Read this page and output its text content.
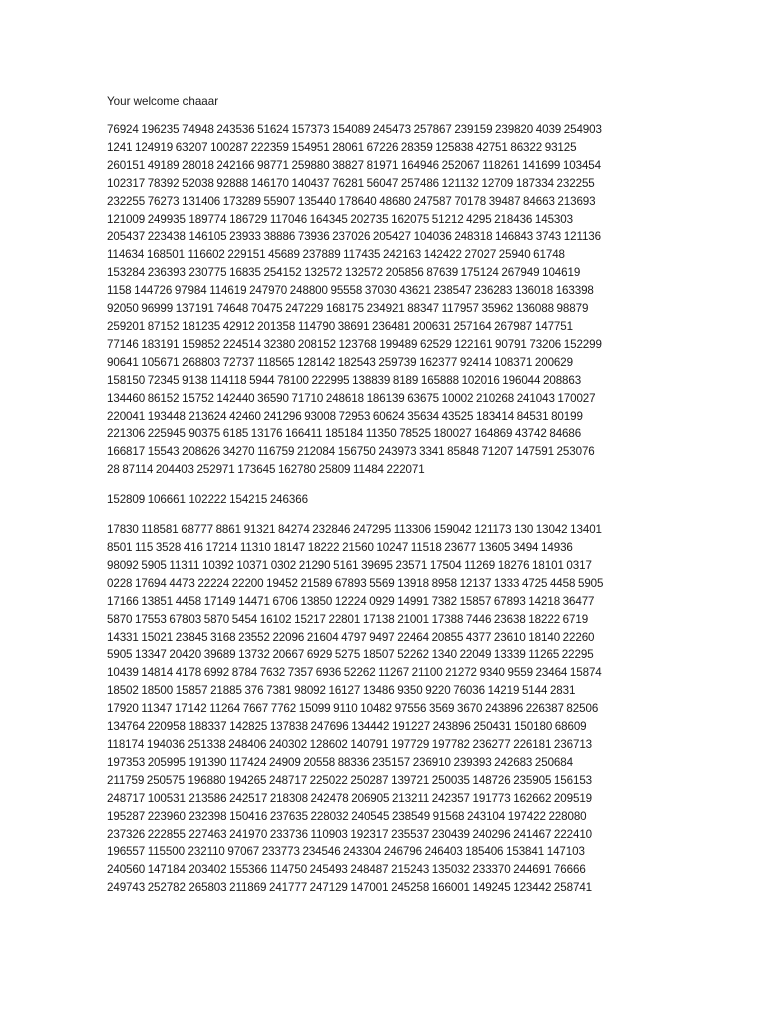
Your welcome chaaar
76924 196235 74948 243536 51624 157373 154089 245473 257867 239159 239820 4039 254903
1241 124919 63207 100287 222359 154951 28061 67226 28359 125838 42751 86322 93125
260151 49189 28018 242166 98771 259880 38827 81971 164946 252067 118261 141699 103454
102317 78392 52038 92888 146170 140437 76281 56047 257486 121132 12709 187334 232255
232255 76273 131406 173289 55907 135440 178640 48680 247587 70178 39487 84663 213693
121009 249935 189774 186729 117046 164345 202735 162075 51212 4295 218436 145303
205437 223438 146105 23933 38886 73936 237026 205427 104036 248318 146843 3743 121136
114634 168501 116602 229151 45689 237889 117435 242163 142422 27027 25940 61748
153284 236393 230775 16835 254152 132572 132572 205856 87639 175124 267949 104619
1158 144726 97984 114619 247970 248800 95558 37030 43621 238547 236283 136018 163398
92050 96999 137191 74648 70475 247229 168175 234921 88347 117957 35962 136088 98879
259201 87152 181235 42912 201358 114790 38691 236481 200631 257164 267987 147751
77146 183191 159852 224514 32380 208152 123768 199489 62529 122161 90791 73206 152299
90641 105671 268803 72737 118565 128142 182543 259739 162377 92414 108371 200629
158150 72345 9138 114118 5944 78100 222995 138839 8189 165888 102016 196044 208863
134460 86152 15752 142440 36590 71710 248618 186139 63675 10002 210268 241043 170027
220041 193448 213624 42460 241296 93008 72953 60624 35634 43525 183414 84531 80199
221306 225945 90375 6185 13176 166411 185184 11350 78525 180027 164869 43742 84686
166817 15543 208626 34270 116759 212084 156750 243973 3341 85848 71207 147591 253076
28 87114 204403 252971 173645 162780 25809 11484 222071
152809 106661 102222 154215 246366
17830 118581 68777 8861 91321 84274 232846 247295 113306 159042 121173 130 13042 13401
8501 115 3528 416 17214 11310 18147 18222 21560 10247 11518 23677 13605 3494 14936
98092 5905 11311 10392 10371 0302 21290 5161 39695 23571 17504 11269 18276 18101 0317
0228 17694 4473 22224 22200 19452 21589 67893 5569 13918 8958 12137 1333 4725 4458 5905
17166 13851 4458 17149 14471 6706 13850 12224 0929 14991 7382 15857 67893 14218 36477
5870 17553 67803 5870 5454 16102 15217 22801 17138 21001 17388 7446 23638 18222 6719
14331 15021 23845 3168 23552 22096 21604 4797 9497 22464 20855 4377 23610 18140 22260
5905 13347 20420 39689 13732 20667 6929 5275 18507 52262 1340 22049 13339 11265 22295
10439 14814 4178 6992 8784 7632 7357 6936 52262 11267 21100 21272 9340 9559 23464 15874
18502 18500 15857 21885 376 7381 98092 16127 13486 9350 9220 76036 14219 5144 2831
17920 11347 17142 11264 7667 7762 15099 9110 10482 97556 3569 3670 243896 226387 82506
134764 220958 188337 142825 137838 247696 134442 191227 243896 250431 150180 68609
118174 194036 251338 248406 240302 128602 140791 197729 197782 236277 226181 236713
197353 205995 191390 117424 24909 20558 88336 235157 236910 239393 242683 250684
211759 250575 196880 194265 248717 225022 250287 139721 250035 148726 235905 156153
248717 100531 213586 242517 218308 242478 206905 213211 242357 191773 162662 209519
195287 223960 232398 150416 237635 228032 240545 238549 91568 243104 197422 228080
237326 222855 227463 241970 233736 110903 192317 235537 230439 240296 241467 222410
196557 115500 232110 97067 233773 234546 243304 246796 246403 185406 153841 147103
240560 147184 203402 155366 114750 245493 248487 215243 135032 233370 244691 76666
249743 252782 265803 211869 241777 247129 147001 245258 166001 149245 123442 258741
